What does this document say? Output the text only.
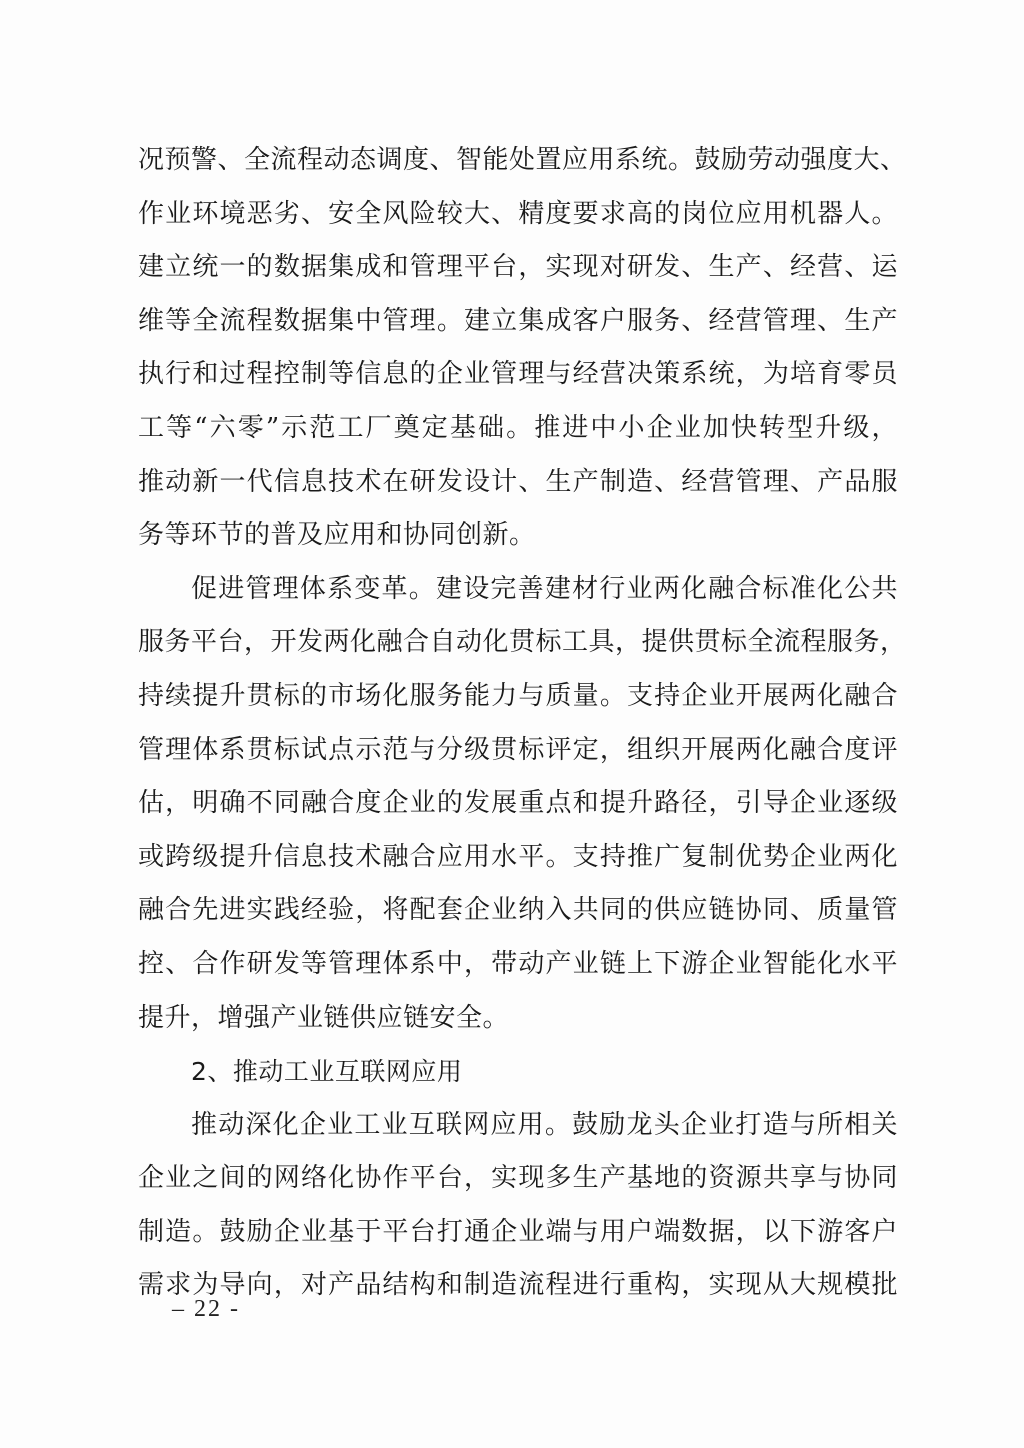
况预警、全流程动态调度、智能处置应用系统。鼓励劳动强度大、
作业环境恶劣、安全风险较大、精度要求高的岗位应用机器人。
建立统一的数据集成和管理平台，实现对研发、生产、经营、运
维等全流程数据集中管理。建立集成客户服务、经营管理、生产
执行和过程控制等信息的企业管理与经营决策系统，为培育零员
工等“六零”示范工厂奠定基础。推进中小企业加快转型升级，
推动新一代信息技术在研发设计、生产制造、经营管理、产品服
务等环节的普及应用和协同创新。
促进管理体系变革。建设完善建材行业两化融合标准化公共
服务平台，开发两化融合自动化贯标工具，提供贯标全流程服务，
持续提升贯标的市场化服务能力与质量。支持企业开展两化融合
管理体系贯标试点示范与分级贯标评定，组织开展两化融合度评
估，明确不同融合度企业的发展重点和提升路径，引导企业逐级
或跨级提升信息技术融合应用水平。支持推广复制优势企业两化
融合先进实践经验，将配套企业纳入共同的供应链协同、质量管
控、合作研发等管理体系中，带动产业链上下游企业智能化水平
提升，增强产业链供应链安全。
2、推动工业互联网应用
推动深化企业工业互联网应用。鼓励龙头企业打造与所相关
企业之间的网络化协作平台，实现多生产基地的资源共享与协同
制造。鼓励企业基于平台打通企业端与用户端数据，以下游客户
需求为导向，对产品结构和制造流程进行重构，实现从大规模批
– 22 -
